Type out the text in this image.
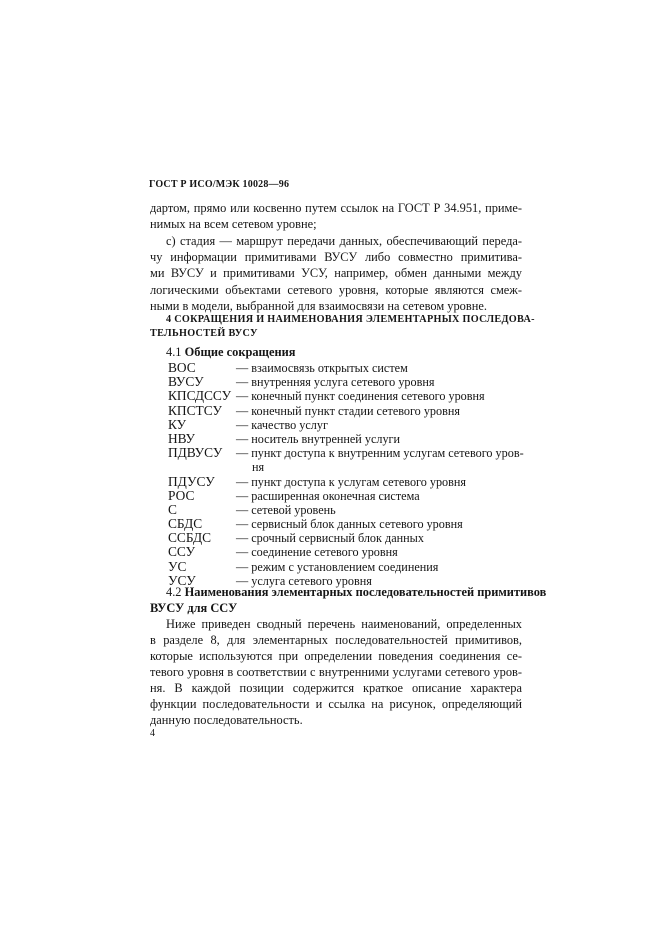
ГОСТ Р ИСО/МЭК 10028—96
дартом, прямо или косвенно путем ссылок на ГОСТ Р 34.951, приме-
нимых на всем сетевом уровне;
с) стадия — маршрут передачи данных, обеспечивающий переда-
чу информации примитивами ВУСУ либо совместно примитива-
ми ВУСУ и примитивами УСУ, например, обмен данными между
логическими объектами сетевого уровня, которые являются смеж-
ными в модели, выбранной для взаимосвязи на сетевом уровне.
4 СОКРАЩЕНИЯ И НАИМЕНОВАНИЯ ЭЛЕМЕНТАРНЫХ ПОСЛЕДОВА-
ТЕЛЬНОСТЕЙ ВУСУ
4.1 Общие сокращения
ВОС	— взаимосвязь открытых систем
ВУСУ	— внутренняя услуга сетевого уровня
КПСДССУ — конечный пункт соединения сетевого уровня
КПСТСУ — конечный пункт стадии сетевого уровня
КУ	— качество услуг
НВУ	— носитель внутренней услуги
ПДВУСУ — пункт доступа к внутренним услугам сетевого уров-
ня
ПДУСУ — пункт доступа к услугам сетевого уровня
РОС	— расширенная оконечная система
С	— сетевой уровень
СБДС	— сервисный блок данных сетевого уровня
ССБДС — срочный сервисный блок данных
ССУ	— соединение сетевого уровня
УС	— режим с установлением соединения
УСУ	— услуга сетевого уровня
4.2 Наименования элементарных последовательностей примитивов
ВУСУ для ССУ
Ниже приведен сводный перечень наименований, определенных
в разделе 8, для элементарных последовательностей примитивов,
которые используются при определении поведения соединения се-
тевого уровня в соответствии с внутренними услугами сетевого уров-
ня. В каждой позиции содержится краткое описание характера
функции последовательности и ссылка на рисунок, определяющий
данную последовательность.
4
